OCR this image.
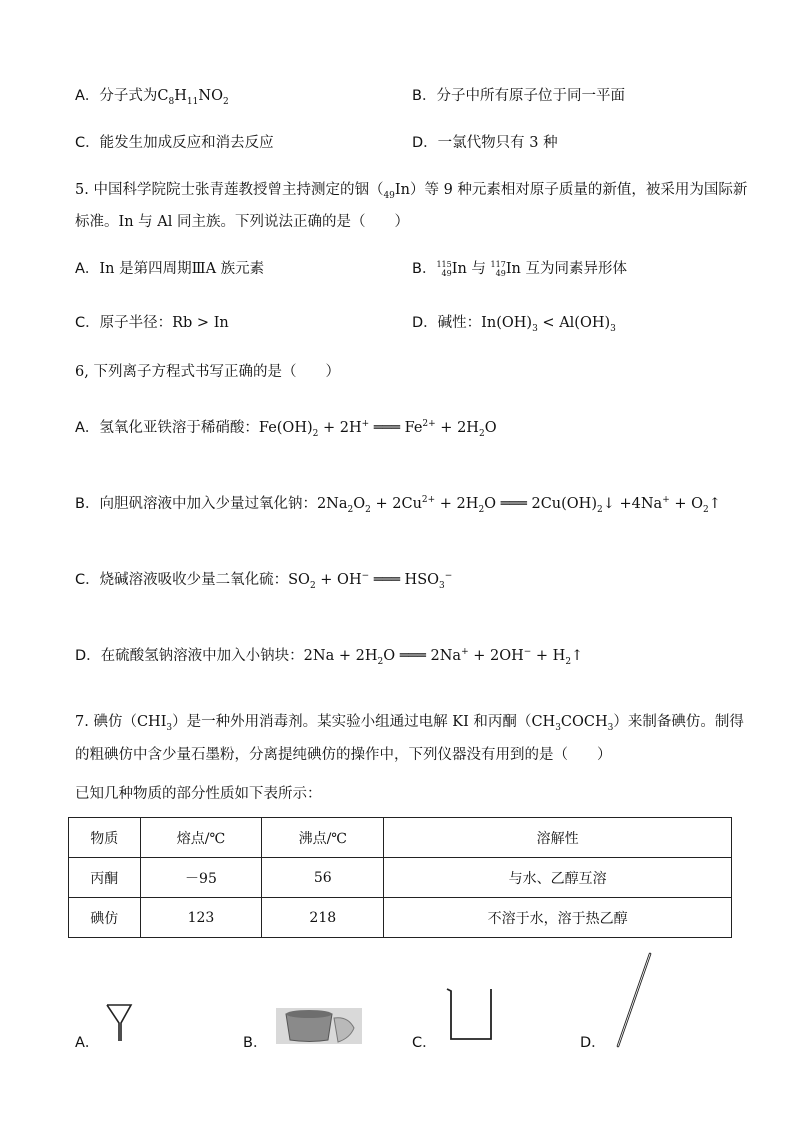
A．分子式为$C_8H_{11}NO_2$	B．分子中所有原子位于同一平面
C．能发生加成反应和消去反应	D．一氯代物只有 3 种
5. 中国科学院院士张青莲教授曾主持测定的铟$(_{49}In)$等 9 种元素相对原子质量的新值，被采用为国际新
标准。In 与 Al 同主族。下列说法正确的是（　　）
A．In 是第四周期ⅢA 族元素	B．115
49In 与 117
49In 互为同素异形体
C．原子半径：Rb > In	D．碱性：$In(OH)_3 < Al(OH)_3$
6, 下列离子方程式书写正确的是（　　）
A．氢氧化亚铁溶于稀硝酸：$Fe(OH)_2 + 2H^+$ ═══ $Fe^{2+} + 2H_2O$
B．向胆矾溶液中加入少量过氧化钠：$2Na_2O_2 + 2Cu^{2+} + 2H_2O$ ═══ $2Cu(OH)_2↓ +4Na^+$ + $O_2↑$
C．烧碱溶液吸收少量二氧化硫：$SO_2 + OH^-$ ═══ $HSO_3^-$
D．在硫酸氢钠溶液中加入小钠块：$2Na + 2H_2O$ ═══ $2Na^+ + 2OH^- + H_2↑$
7. 碘仿$(CHI_3)$是一种外用消毒剂。某实验小组通过电解 KI 和丙酮$(CH_3COCH_3)$来制备碘仿。制得
的粗碘仿中含少量石墨粉，分离提纯碘仿的操作中，下列仪器没有用到的是（　　）
已知几种物质的部分性质如下表所示：
物质	熔点/℃	沸点/℃	溶解性
丙酮	－95	56	与水、乙醇互溶
碘仿	123	218	不溶于水，溶于热乙醇
A．	B．	C．	D．
